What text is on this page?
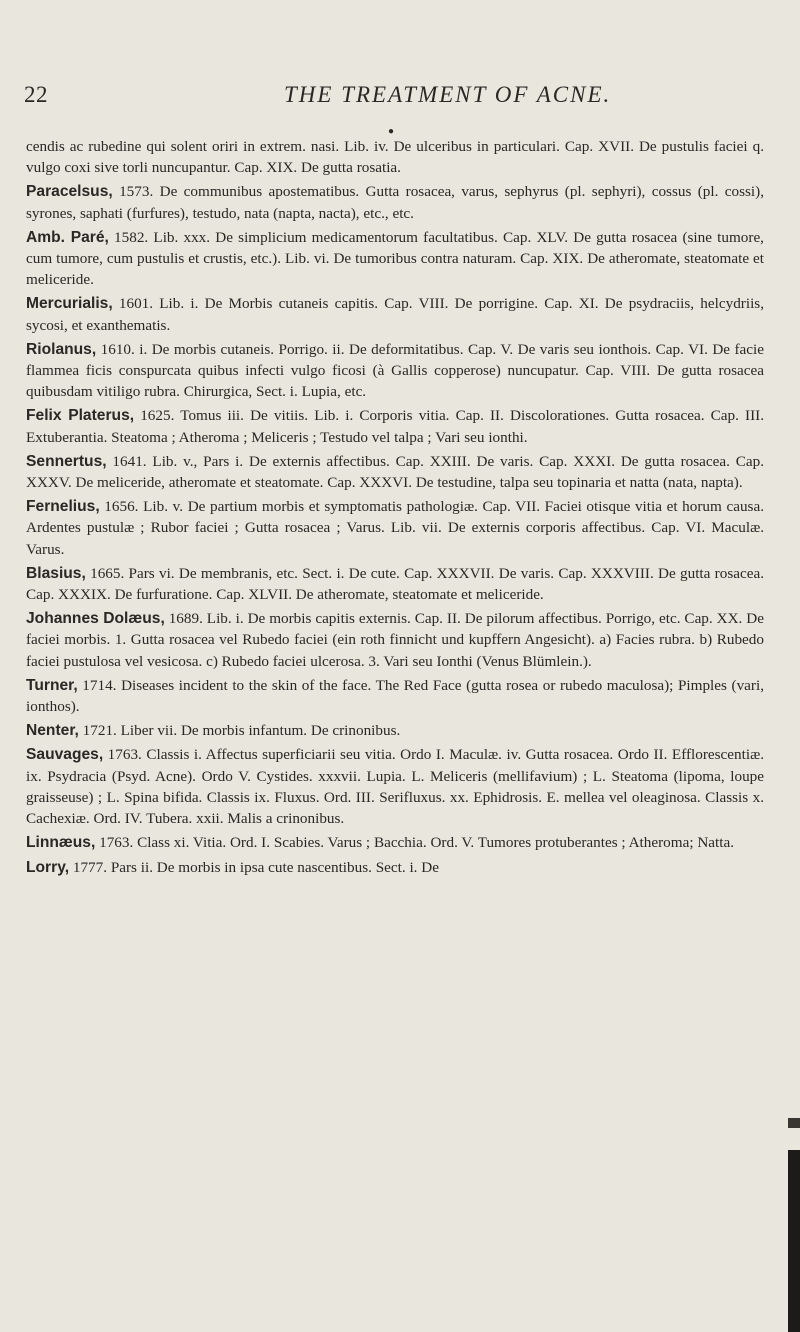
22	THE TREATMENT OF ACNE.
●

cendis ac rubedine qui solent oriri in extrem. nasi. Lib. iv. De ulceribus in particulari. Cap. XVII. De pustulis faciei q. vulgo coxi sive torli nuncupantur. Cap. XIX. De gutta rosatia.

Paracelsus, 1573. De communibus apostematibus. Gutta rosacea, varus, sephyrus (pl. sephyri), cossus (pl. cossi), syrones, saphati (furfures), testudo, nata (napta, nacta), etc., etc.

Amb. Paré, 1582. Lib. xxx. De simplicium medicamentorum facultatibus. Cap. XLV. De gutta rosacea (sine tumore, cum tumore, cum pustulis et crustis, etc.). Lib. vi. De tumoribus contra naturam. Cap. XIX. De atheromate, steatomate et meliceride.

Mercurialis, 1601. Lib. i. De Morbis cutaneis capitis. Cap. VIII. De porrigine. Cap. XI. De psydraciis, helcydriis, sycosi, et exanthematis.

Riolanus, 1610. i. De morbis cutaneis. Porrigo. ii. De deformitatibus. Cap. V. De varis seu ionthois. Cap. VI. De facie flammea ficis conspurcata quibus infecti vulgo ficosi (à Gallis copperose) nuncupatur. Cap. VIII. De gutta rosacea quibusdam vitiligo rubra. Chirurgica, Sect. i. Lupia, etc.

Felix Platerus, 1625. Tomus iii. De vitiis. Lib. i. Corporis vitia. Cap. II. Discolorationes. Gutta rosacea. Cap. III. Extuberantia. Steatoma ; Atheroma ; Meliceris ; Testudo vel talpa ; Vari seu ionthi.

Sennertus, 1641. Lib. v., Pars i. De externis affectibus. Cap. XXIII. De varis. Cap. XXXI. De gutta rosacea. Cap. XXXV. De meliceride, atheromate et steatomate. Cap. XXXVI. De testudine, talpa seu topinaria et natta (nata, napta).

Fernelius, 1656. Lib. v. De partium morbis et symptomatis pathologiæ. Cap. VII. Faciei otisque vitia et horum causa. Ardentes pustulæ ; Rubor faciei ; Gutta rosacea ; Varus. Lib. vii. De externis corporis affectibus. Cap. VI. Maculæ. Varus.

Blasius, 1665. Pars vi. De membranis, etc. Sect. i. De cute. Cap. XXXVII. De varis. Cap. XXXVIII. De gutta rosacea. Cap. XXXIX. De furfuratione. Cap. XLVII. De atheromate, steatomate et meliceride.

Johannes Dolæus, 1689. Lib. i. De morbis capitis externis. Cap. II. De pilorum affectibus. Porrigo, etc. Cap. XX. De faciei morbis. 1. Gutta rosacea vel Rubedo faciei (ein roth finnicht und kupffern Angesicht). a) Facies rubra. b) Rubedo faciei pustulosa vel vesicosa. c) Rubedo faciei ulcerosa. 3. Vari seu Ionthi (Venus Blümlein.).

Turner, 1714. Diseases incident to the skin of the face. The Red Face (gutta rosea or rubedo maculosa); Pimples (vari, ionthos).

Nenter, 1721. Liber vii. De morbis infantum. De crinonibus.

Sauvages, 1763. Classis i. Affectus superficiarii seu vitia. Ordo I. Maculæ. iv. Gutta rosacea. Ordo II. Efflorescentiæ. ix. Psydracia (Psyd. Acne). Ordo V. Cystides. xxxvii. Lupia. L. Meliceris (mellifavium) ; L. Steatoma (lipoma, loupe graisseuse) ; L. Spina bifida. Classis ix. Fluxus. Ord. III. Serifluxus. xx. Ephidrosis. E. mellea vel oleaginosa. Classis x. Cachexiæ. Ord. IV. Tubera. xxii. Malis a crinonibus.

Linnæus, 1763. Class xi. Vitia. Ord. I. Scabies. Varus ; Bacchia. Ord. V. Tumores protuberantes ; Atheroma; Natta.

Lorry, 1777. Pars ii. De morbis in ipsa cute nascentibus. Sect. i. De
